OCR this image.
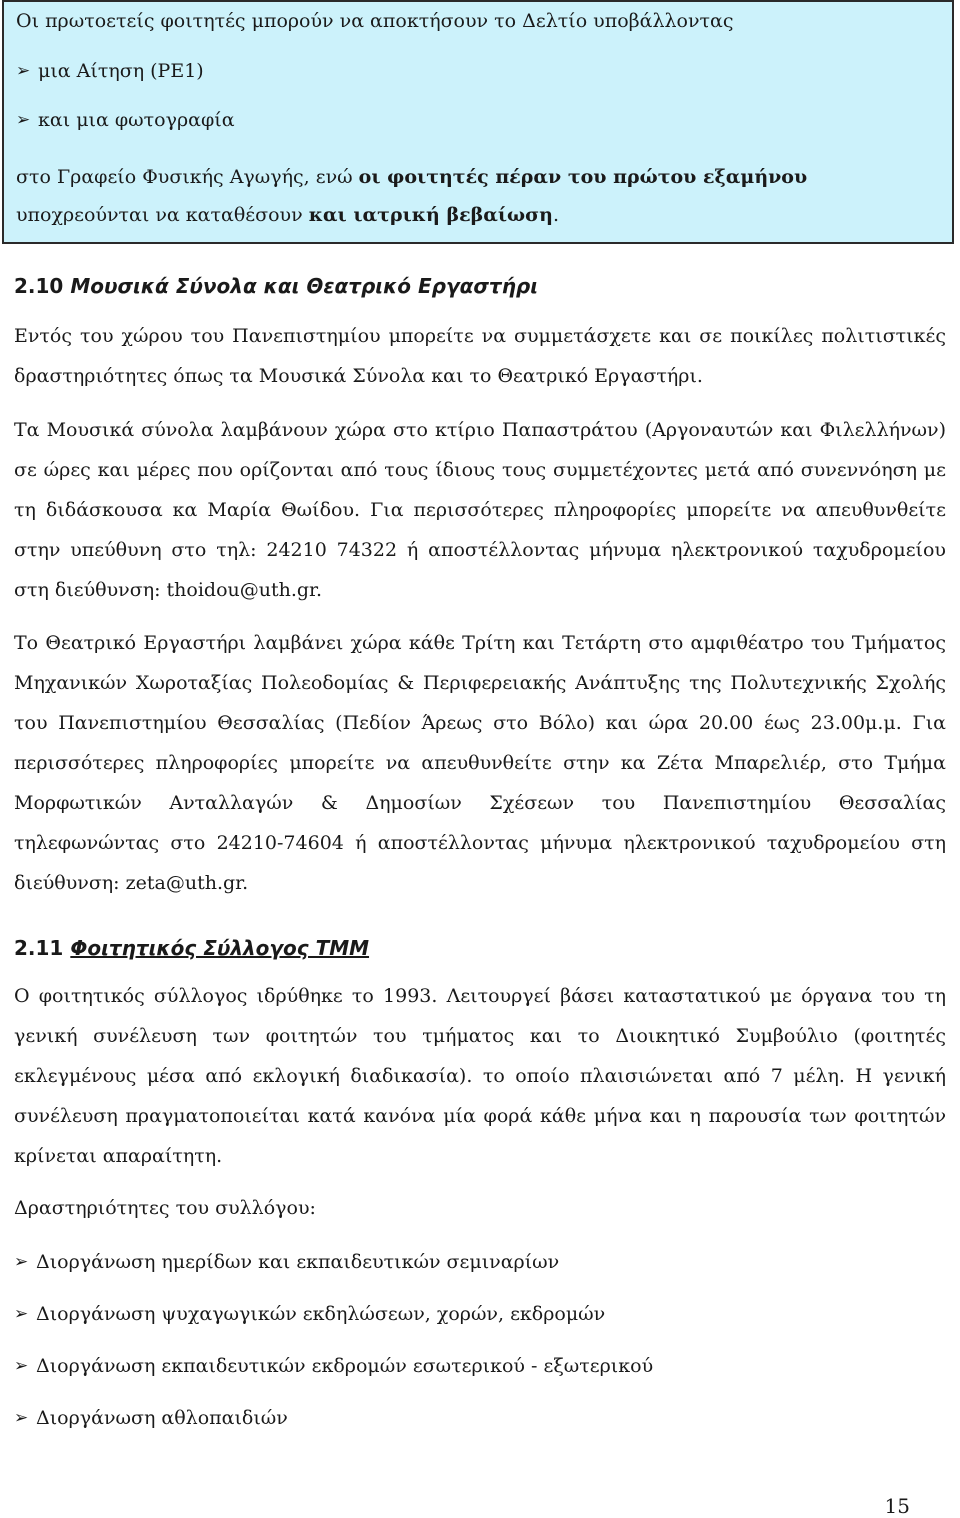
Οι πρωτοετείς φοιτητές μπορούν να αποκτήσουν το Δελτίο υποβάλλοντας

➢ μια Αίτηση (PE1)
➢ και μια φωτογραφία

στο Γραφείο Φυσικής Αγωγής, ενώ οι φοιτητές πέραν του πρώτου εξαμήνου υποχρεούνται να καταθέσουν και ιατρική βεβαίωση.

2.10 Μουσικά Σύνολα και Θεατρικό Εργαστήρι

Εντός του χώρου του Πανεπιστημίου μπορείτε να συμμετάσχετε και σε ποικίλες πολιτιστικές δραστηριότητες όπως τα Μουσικά Σύνολα και το Θεατρικό Εργαστήρι.

Τα Μουσικά σύνολα λαμβάνουν χώρα στο κτίριο Παπαστράτου (Αργοναυτών και Φιλελλήνων) σε ώρες και μέρες που ορίζονται από τους ίδιους τους συμμετέχοντες μετά από συνεννόηση με τη διδάσκουσα κα Μαρία Θωίδου. Για περισσότερες πληροφορίες μπορείτε να απευθυνθείτε στην υπεύθυνη στο τηλ: 24210 74322 ή αποστέλλοντας μήνυμα ηλεκτρονικού ταχυδρομείου στη διεύθυνση: thoidou@uth.gr.

Το Θεατρικό Εργαστήρι λαμβάνει χώρα κάθε Τρίτη και Τετάρτη στο αμφιθέατρο του Τμήματος Μηχανικών Χωροταξίας Πολεοδομίας & Περιφερειακής Ανάπτυξης της Πολυτεχνικής Σχολής του Πανεπιστημίου Θεσσαλίας (Πεδίον Άρεως στο Βόλο) και ώρα 20.00 έως 23.00μ.μ. Για περισσότερες πληροφορίες μπορείτε να απευθυνθείτε στην κα Ζέτα Μπαρελιέρ, στο Τμήμα Μορφωτικών Ανταλλαγών & Δημοσίων Σχέσεων του Πανεπιστημίου Θεσσαλίας τηλεφωνώντας στο 24210-74604 ή αποστέλλοντας μήνυμα ηλεκτρονικού ταχυδρομείου στη διεύθυνση: zeta@uth.gr.

2.11 Φοιτητικός Σύλλογος ΤΜΜ

Ο φοιτητικός σύλλογος ιδρύθηκε το 1993. Λειτουργεί βάσει καταστατικού με όργανα του τη γενική συνέλευση των φοιτητών του τμήματος και το Διοικητικό Συμβούλιο (φοιτητές εκλεγμένους μέσα από εκλογική διαδικασία). το οποίο πλαισιώνεται από 7 μέλη. Η γενική συνέλευση πραγματοποιείται κατά κανόνα μία φορά κάθε μήνα και η παρουσία των φοιτητών κρίνεται απαραίτητη.

Δραστηριότητες του συλλόγου:

➢ Διοργάνωση ημερίδων και εκπαιδευτικών σεμιναρίων
➢ Διοργάνωση ψυχαγωγικών εκδηλώσεων, χορών, εκδρομών
➢ Διοργάνωση εκπαιδευτικών εκδρομών εσωτερικού - εξωτερικού
➢ Διοργάνωση αθλοπαιδιών
15
